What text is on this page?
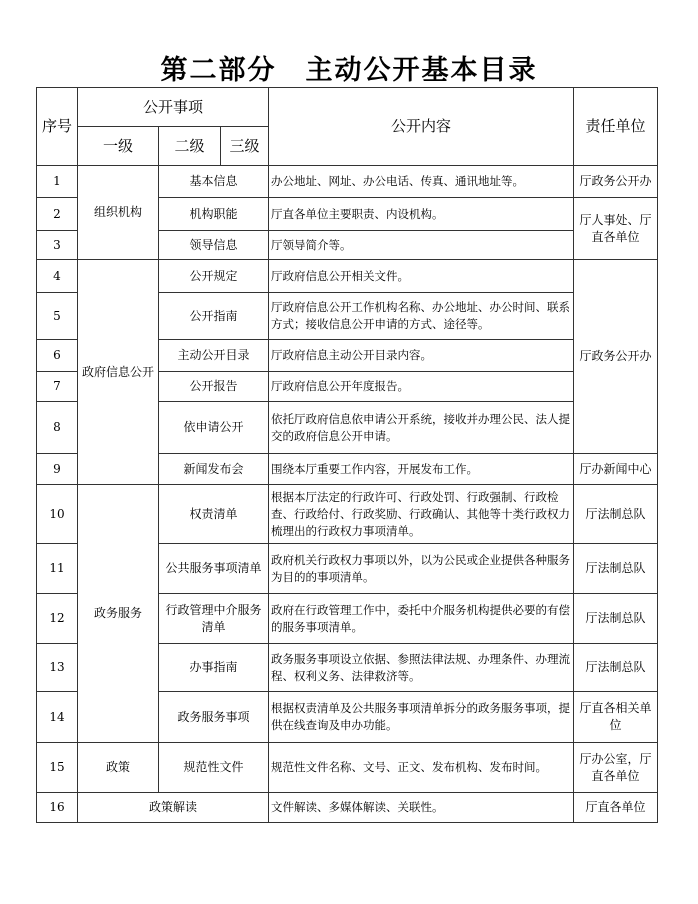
第二部分　主动公开基本目录
序号	公开事项			公开内容	责任单位
	一级	二级	三级		
1	组织机构	基本信息		办公地址、网址、办公电话、传真、通讯地址等。	厅政务公开办
2		机构职能		厅直各单位主要职责、内设机构。	厅人事处、厅直各单位
3		领导信息		厅领导简介等。	
4	政府信息公开	公开规定		厅政府信息公开相关文件。	厅政务公开办
5		公开指南		厅政府信息公开工作机构名称、办公地址、办公时间、联系方式；接收信息公开申请的方式、途径等。	
6		主动公开目录		厅政府信息主动公开目录内容。	
7		公开报告		厅政府信息公开年度报告。	
8		依申请公开		依托厅政府信息依申请公开系统，接收并办理公民、法人提交的政府信息公开申请。	
9		新闻发布会		围绕本厅重要工作内容，开展发布工作。	厅办新闻中心
10	政务服务	权责清单		根据本厅法定的行政许可、行政处罚、行政强制、行政检查、行政给付、行政奖励、行政确认、其他等十类行政权力梳理出的行政权力事项清单。	厅法制总队
11		公共服务事项清单		政府机关行政权力事项以外，以为公民或企业提供各种服务为目的的事项清单。	厅法制总队
12		行政管理中介服务清单		政府在行政管理工作中，委托中介服务机构提供必要的有偿的服务事项清单。	厅法制总队
13		办事指南		政务服务事项设立依据、参照法律法规、办理条件、办理流程、权利义务、法律救济等。	厅法制总队
14		政务服务事项		根据权责清单及公共服务事项清单拆分的政务服务事项，提供在线查询及申办功能。	厅直各相关单位
15	政策	规范性文件		规范性文件名称、文号、正文、发布机构、发布时间。	厅办公室，厅直各单位
16	政策解读			文件解读、多媒体解读、关联性。	厅直各单位
